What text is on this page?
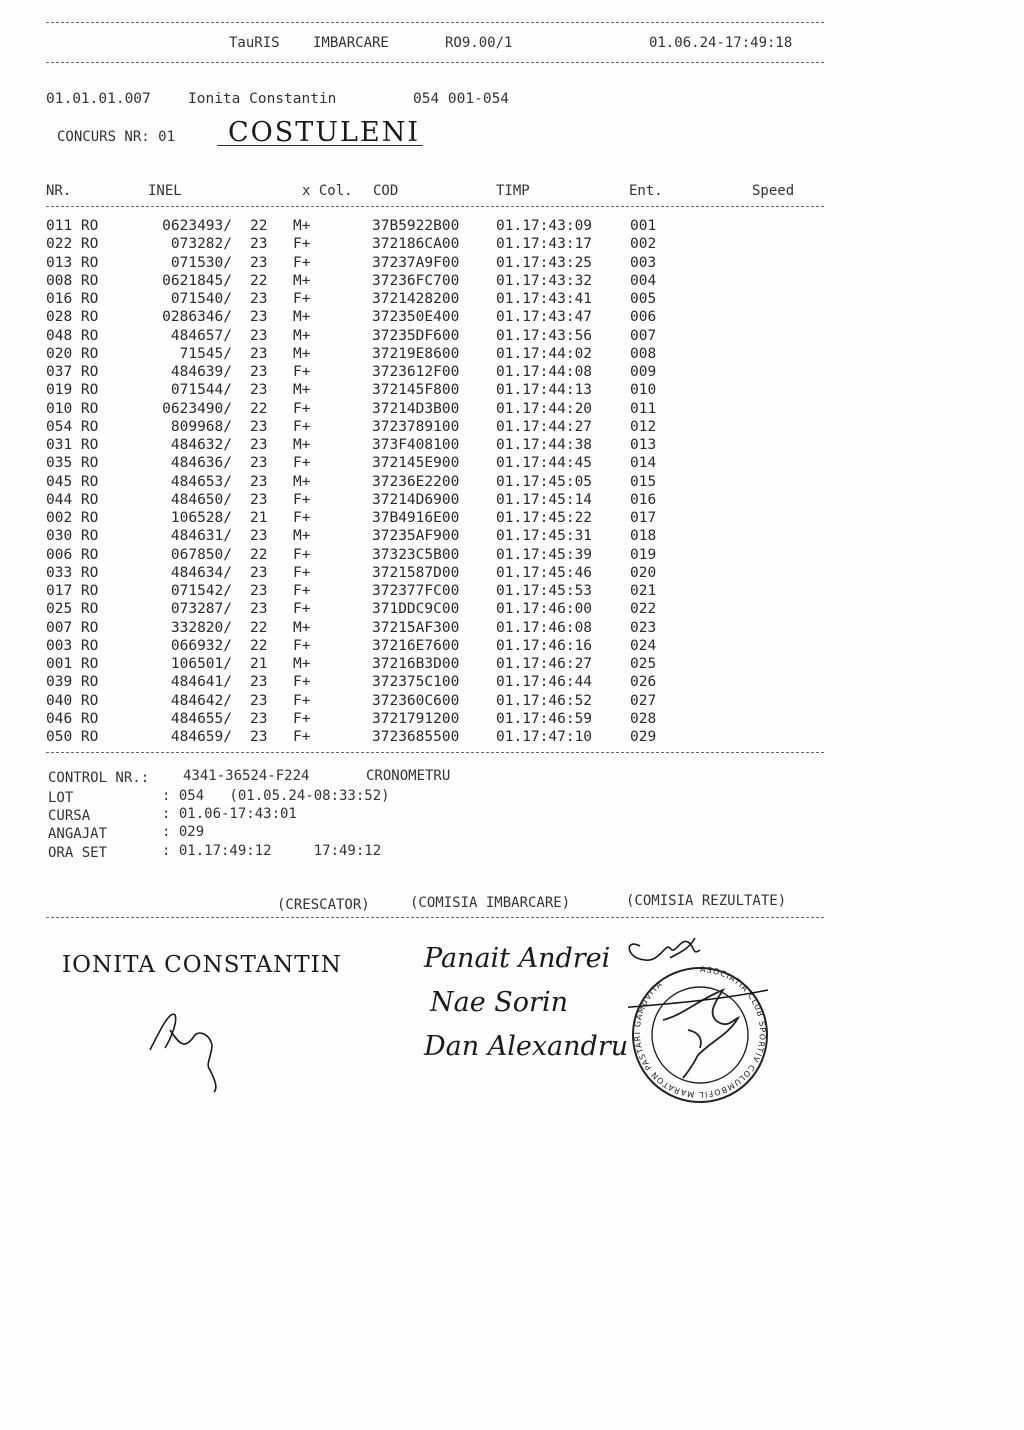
TauRIS IMBARCARE	RO9.00/1	01.06.24-17:49:18
01.01.01.007	Ionita Constantin	054 001-054
CONCURS NR: 01 COSTULENI
NR.	INEL	x Col. COD	TIMP	Ent.	Speed
011 RO	0623493/ 22 M+	37B5922B00	01.17:43:09	001
022 RO	073282/ 23 F+	372186CA00	01.17:43:17	002
013 RO	071530/ 23 F+	37237A9F00	01.17:43:25	003
008 RO	0621845/ 22 M+	37236FC700	01.17:43:32	004
016 RO	071540/ 23 F+	3721428200	01.17:43:41	005
028 RO	0286346/ 23 M+	372350E400	01.17:43:47	006
048 RO	484657/ 23 M+	37235DF600	01.17:43:56	007
020 RO	71545/ 23 M+	37219E8600	01.17:44:02	008
037 RO	484639/ 23 F+	3723612F00	01.17:44:08	009
019 RO	071544/ 23 M+	372145F800	01.17:44:13	010
010 RO	0623490/ 22 F+	37214D3B00	01.17:44:20	011
054 RO	809968/ 23 F+	3723789100	01.17:44:27	012
031 RO	484632/ 23 M+	373F408100	01.17:44:38	013
035 RO	484636/ 23 F+	372145E900	01.17:44:45	014
045 RO	484653/ 23 M+	37236E2200	01.17:45:05	015
044 RO	484650/ 23 F+	37214D6900	01.17:45:14	016
002 RO	106528/ 21 F+	37B4916E00	01.17:45:22	017
030 RO	484631/ 23 M+	37235AF900	01.17:45:31	018
006 RO	067850/ 22 F+	37323C5B00	01.17:45:39	019
033 RO	484634/ 23 F+	3721587D00	01.17:45:46	020
017 RO	071542/ 23 F+	372377FC00	01.17:45:53	021
025 RO	073287/ 23 F+	371DDC9C00	01.17:46:00	022
007 RO	332820/ 22 M+	37215AF300	01.17:46:08	023
003 RO	066932/ 22 F+	37216E7600	01.17:46:16	024
001 RO	106501/ 21 M+	37216B3D00	01.17:46:27	025
039 RO	484641/ 23 F+	372375C100	01.17:46:44	026
040 RO	484642/ 23 F+	372360C600	01.17:46:52	027
046 RO	484655/ 23 F+	3721791200	01.17:46:59	028
050 RO	484659/ 23 F+	3723685500	01.17:47:10	029
CONTROL NR.: 4341-36524-F224	CRONOMETRU
LOT	: 054   (01.05.24-08:33:52)
CURSA	: 01.06-17:43:01
ANGAJAT	: 029
ORA SET	: 01.17:49:12     17:49:12
(CRESCATOR)	(COMISIA IMBARCARE)	(COMISIA REZULTATE)
IONITA CONSTANTIN	Panait Andrei
Nae Sorin
Dan Alexandru
ASOCIATIA CLUB SPORTIV COLUMBOFIL MARATON PASTARI GAMUVITA
